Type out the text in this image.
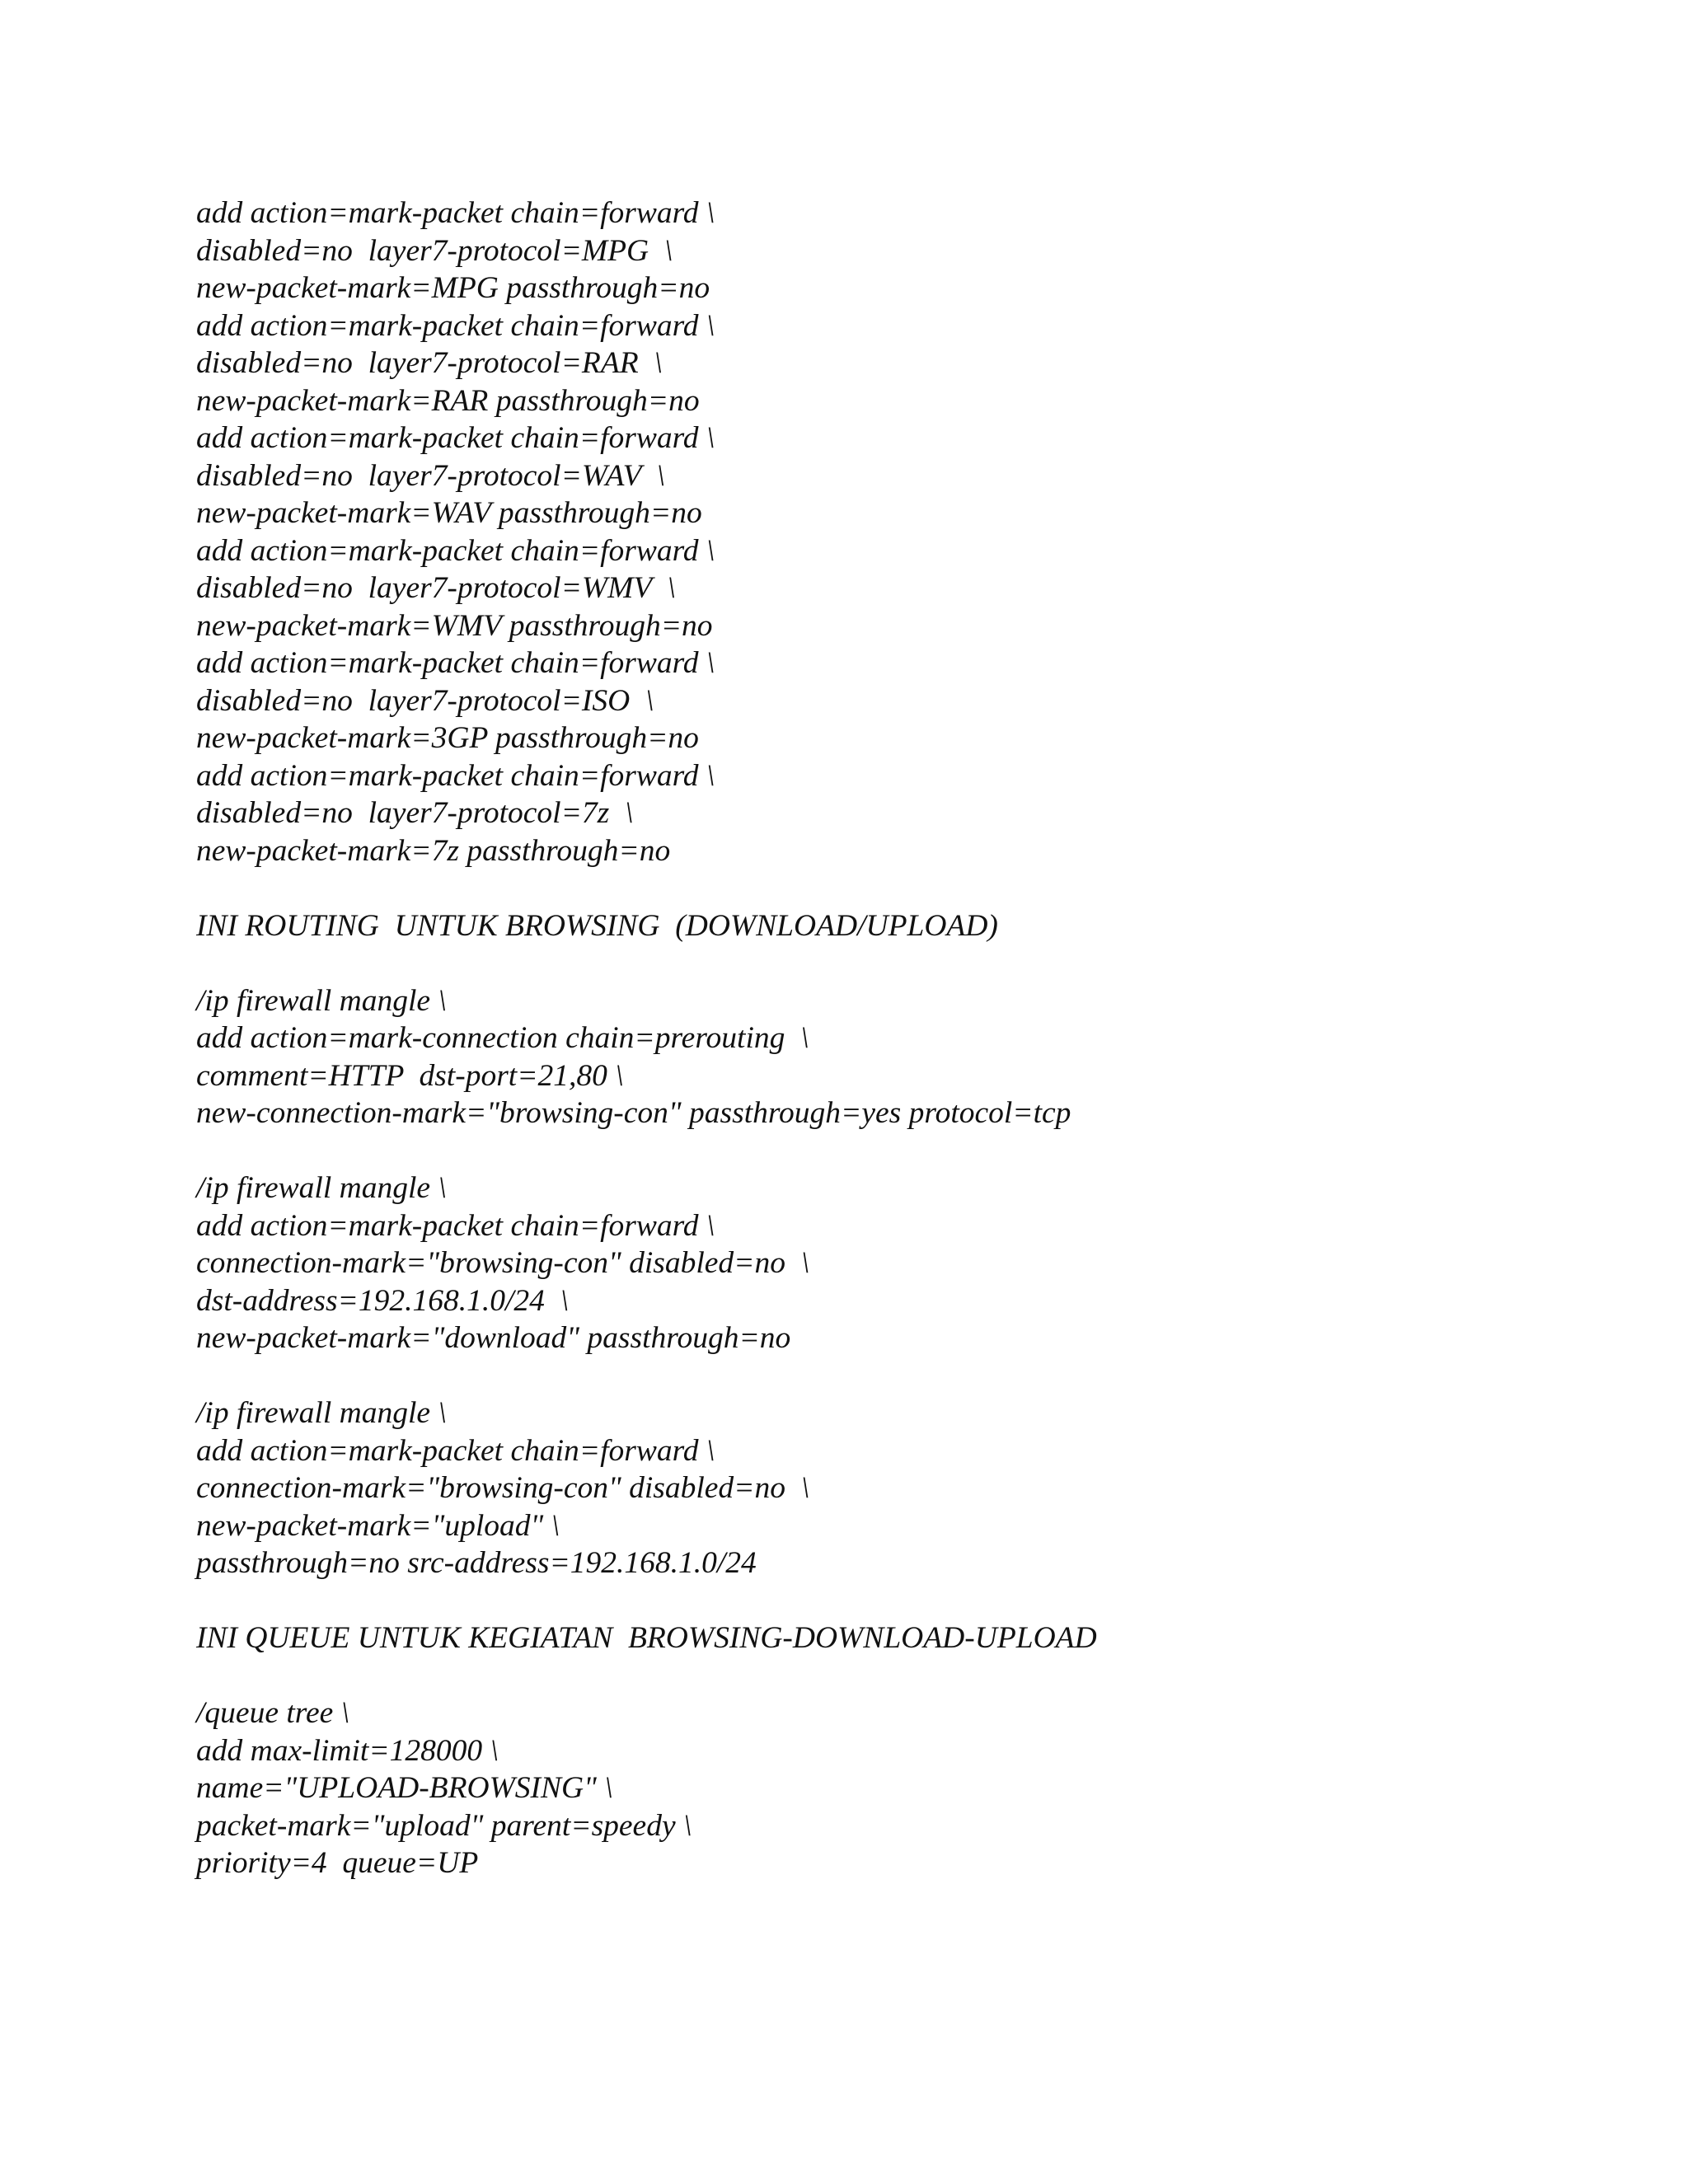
add action=mark-packet chain=forward \
disabled=no  layer7-protocol=MPG  \
new-packet-mark=MPG passthrough=no
add action=mark-packet chain=forward \
disabled=no  layer7-protocol=RAR  \
new-packet-mark=RAR passthrough=no
add action=mark-packet chain=forward \
disabled=no  layer7-protocol=WAV  \
new-packet-mark=WAV passthrough=no
add action=mark-packet chain=forward \
disabled=no  layer7-protocol=WMV  \
new-packet-mark=WMV passthrough=no
add action=mark-packet chain=forward \
disabled=no  layer7-protocol=ISO  \
new-packet-mark=3GP passthrough=no
add action=mark-packet chain=forward \
disabled=no  layer7-protocol=7z  \
new-packet-mark=7z passthrough=no
INI ROUTING  UNTUK BROWSING  (DOWNLOAD/UPLOAD)
/ip firewall mangle \
add action=mark-connection chain=prerouting  \
comment=HTTP  dst-port=21,80 \
new-connection-mark="browsing-con" passthrough=yes protocol=tcp
/ip firewall mangle \
add action=mark-packet chain=forward \
connection-mark="browsing-con" disabled=no  \
dst-address=192.168.1.0/24  \
new-packet-mark="download" passthrough=no
/ip firewall mangle \
add action=mark-packet chain=forward \
connection-mark="browsing-con" disabled=no  \
new-packet-mark="upload" \
passthrough=no src-address=192.168.1.0/24
INI QUEUE UNTUK KEGIATAN  BROWSING-DOWNLOAD-UPLOAD
/queue tree \
add max-limit=128000 \
name="UPLOAD-BROWSING" \
packet-mark="upload" parent=speedy \
priority=4  queue=UP
